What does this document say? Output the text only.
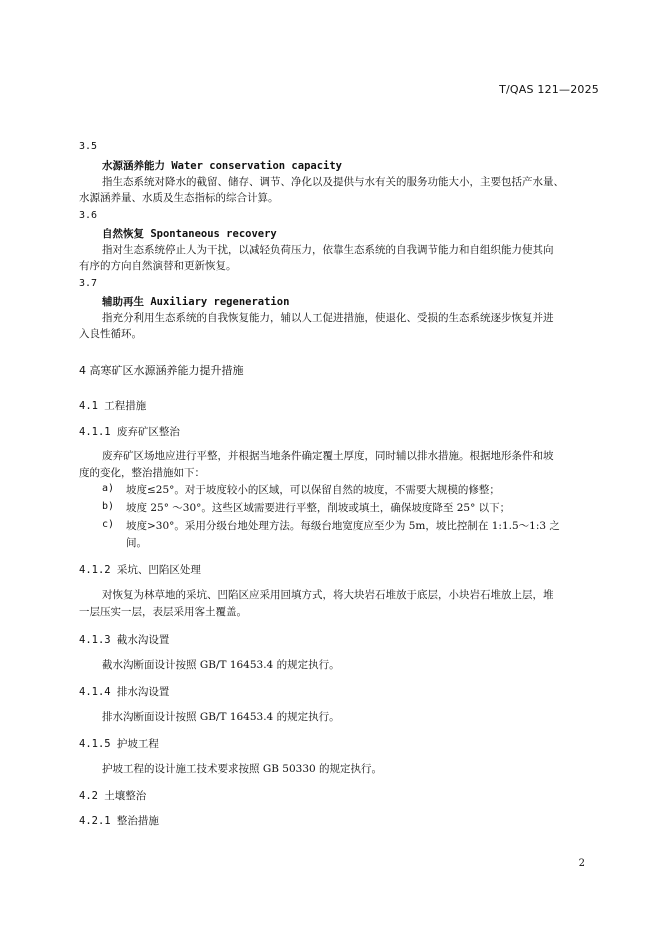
T/QAS 121—2025
3.5
水源涵养能力 Water conservation capacity
指生态系统对降水的截留、储存、调节、净化以及提供与水有关的服务功能大小，主要包括产水量、
水源涵养量、水质及生态指标的综合计算。
3.6
自然恢复 Spontaneous recovery
指对生态系统停止人为干扰，以减轻负荷压力，依靠生态系统的自我调节能力和自组织能力使其向
有序的方向自然演替和更新恢复。
3.7
辅助再生 Auxiliary regeneration
指充分利用生态系统的自我恢复能力，辅以人工促进措施，使退化、受损的生态系统逐步恢复并进
入良性循环。
4 高寒矿区水源涵养能力提升措施
4.1 工程措施
4.1.1 废弃矿区整治
废弃矿区场地应进行平整，并根据当地条件确定覆土厚度，同时辅以排水措施。根据地形条件和坡
度的变化，整治措施如下：
a) 坡度≤25°。对于坡度较小的区域，可以保留自然的坡度，不需要大规模的修整；
b) 坡度 25° ～30°。这些区域需要进行平整，削坡或填土，确保坡度降至 25° 以下；
c) 坡度>30°。采用分级台地处理方法。每级台地宽度应至少为 5m，坡比控制在 1:1.5～1:3 之
间。
4.1.2 采坑、凹陷区处理
对恢复为林草地的采坑、凹陷区应采用回填方式，将大块岩石堆放于底层，小块岩石堆放上层，堆
一层压实一层，表层采用客土覆盖。
4.1.3 截水沟设置
截水沟断面设计按照 GB/T 16453.4 的规定执行。
4.1.4 排水沟设置
排水沟断面设计按照 GB/T 16453.4 的规定执行。
4.1.5 护坡工程
护坡工程的设计施工技术要求按照 GB 50330 的规定执行。
4.2 土壤整治
4.2.1 整治措施
2
